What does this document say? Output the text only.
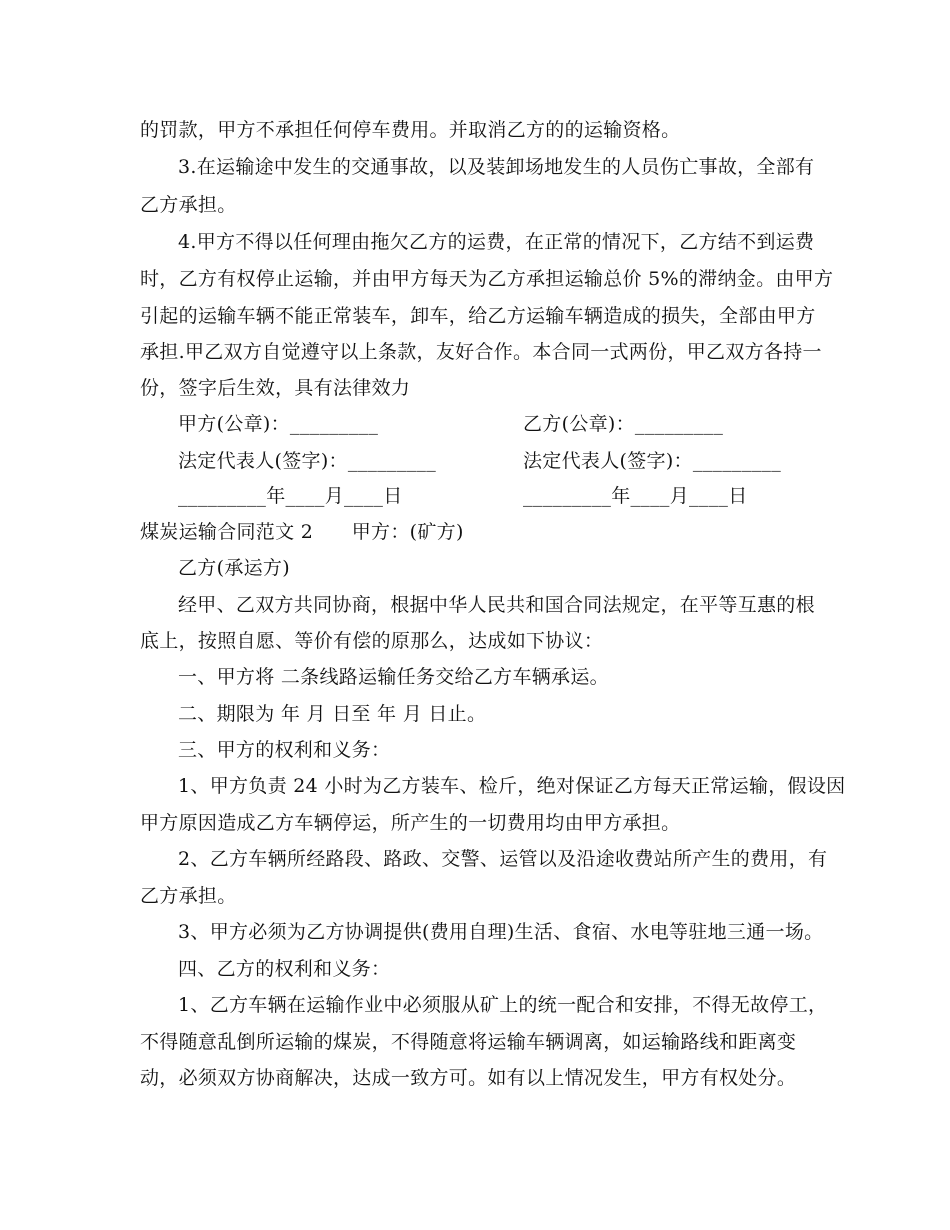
的罚款，甲方不承担任何停车费用。并取消乙方的的运输资格。
3.在运输途中发生的交通事故，以及装卸场地发生的人员伤亡事故，全部有
乙方承担。
4.甲方不得以任何理由拖欠乙方的运费，在正常的情况下，乙方结不到运费
时，乙方有权停止运输，并由甲方每天为乙方承担运输总价 5%的滞纳金。由甲方
引起的运输车辆不能正常装车，卸车，给乙方运输车辆造成的损失，全部由甲方
承担.甲乙双方自觉遵守以上条款，友好合作。本合同一式两份，甲乙双方各持一
份，签字后生效，具有法律效力
甲方(公章)：_________	乙方(公章)：_________
法定代表人(签字)：_________	法定代表人(签字)：_________
_________年____月____日	_________年____月____日
煤炭运输合同范文 2　　甲方：(矿方)
乙方(承运方)
经甲、乙双方共同协商，根据中华人民共和国合同法规定，在平等互惠的根
底上，按照自愿、等价有偿的原那么，达成如下协议：
一、甲方将 二条线路运输任务交给乙方车辆承运。
二、期限为 年 月 日至 年 月 日止。
三、甲方的权利和义务：
1、甲方负责 24 小时为乙方装车、检斤，绝对保证乙方每天正常运输，假设因
甲方原因造成乙方车辆停运，所产生的一切费用均由甲方承担。
2、乙方车辆所经路段、路政、交警、运管以及沿途收费站所产生的费用，有
乙方承担。
3、甲方必须为乙方协调提供(费用自理)生活、食宿、水电等驻地三通一场。
四、乙方的权利和义务：
1、乙方车辆在运输作业中必须服从矿上的统一配合和安排，不得无故停工，
不得随意乱倒所运输的煤炭，不得随意将运输车辆调离，如运输路线和距离变
动，必须双方协商解决，达成一致方可。如有以上情况发生，甲方有权处分。
